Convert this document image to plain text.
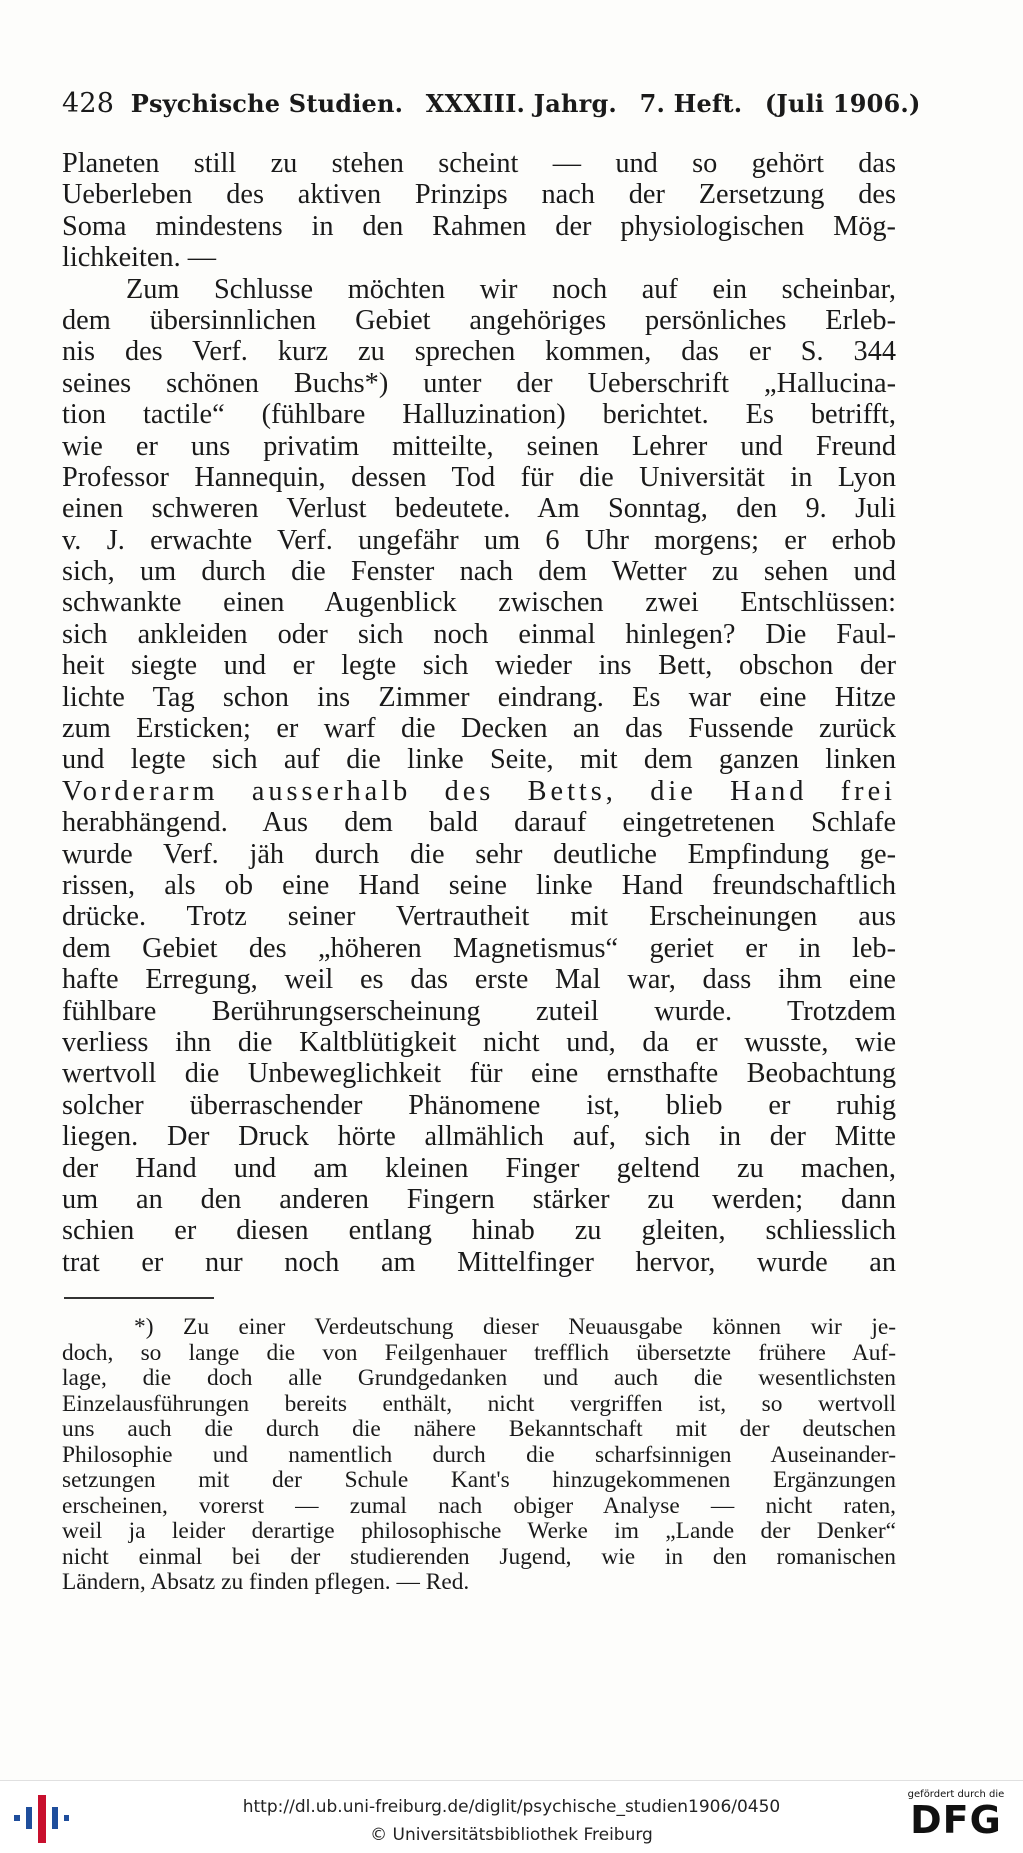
428 Psychische Studien. XXXIII. Jahrg. 7. Heft. (Juli 1906.)
Planeten still zu stehen scheint — und so gehört das
Ueberleben des aktiven Prinzips nach der Zersetzung des
Soma mindestens in den Rahmen der physiologischen Mög-
lichkeiten. —
Zum Schlusse möchten wir noch auf ein scheinbar,
dem übersinnlichen Gebiet angehöriges persönliches Erleb-
nis des Verf. kurz zu sprechen kommen, das er S. 344
seines schönen Buchs*) unter der Ueberschrift „Hallucina-
tion tactile“ (fühlbare Halluzination) berichtet. Es betrifft,
wie er uns privatim mitteilte, seinen Lehrer und Freund
Professor Hannequin, dessen Tod für die Universität in Lyon
einen schweren Verlust bedeutete. Am Sonntag, den 9. Juli
v. J. erwachte Verf. ungefähr um 6 Uhr morgens; er erhob
sich, um durch die Fenster nach dem Wetter zu sehen und
schwankte einen Augenblick zwischen zwei Entschlüssen:
sich ankleiden oder sich noch einmal hinlegen? Die Faul-
heit siegte und er legte sich wieder ins Bett, obschon der
lichte Tag schon ins Zimmer eindrang. Es war eine Hitze
zum Ersticken; er warf die Decken an das Fussende zurück
und legte sich auf die linke Seite, mit dem ganzen linken
Vorderarm ausserhalb des Betts, die Hand frei
herabhängend. Aus dem bald darauf eingetretenen Schlafe
wurde Verf. jäh durch die sehr deutliche Empfindung ge-
rissen, als ob eine Hand seine linke Hand freundschaftlich
drücke. Trotz seiner Vertrautheit mit Erscheinungen aus
dem Gebiet des „höheren Magnetismus“ geriet er in leb-
hafte Erregung, weil es das erste Mal war, dass ihm eine
fühlbare Berührungserscheinung zuteil wurde. Trotzdem
verliess ihn die Kaltblütigkeit nicht und, da er wusste, wie
wertvoll die Unbeweglichkeit für eine ernsthafte Beobachtung
solcher überraschender Phänomene ist, blieb er ruhig
liegen. Der Druck hörte allmählich auf, sich in der Mitte
der Hand und am kleinen Finger geltend zu machen,
um an den anderen Fingern stärker zu werden; dann
schien er diesen entlang hinab zu gleiten, schliesslich
trat er nur noch am Mittelfinger hervor, wurde an
*) Zu einer Verdeutschung dieser Neuausgabe können wir je-
doch, so lange die von Feilgenhauer trefflich übersetzte frühere Auf-
lage, die doch alle Grundgedanken und auch die wesentlichsten
Einzelausführungen bereits enthält, nicht vergriffen ist, so wertvoll
uns auch die durch die nähere Bekanntschaft mit der deutschen
Philosophie und namentlich durch die scharfsinnigen Auseinander-
setzungen mit der Schule Kant's hinzugekommenen Ergänzungen
erscheinen, vorerst — zumal nach obiger Analyse — nicht raten,
weil ja leider derartige philosophische Werke im „Lande der Denker“
nicht einmal bei der studierenden Jugend, wie in den romanischen
Ländern, Absatz zu finden pflegen. — Red.
http://dl.ub.uni-freiburg.de/diglit/psychische_studien1906/0450
© Universitätsbibliothek Freiburg
gefördert durch die
DFG
